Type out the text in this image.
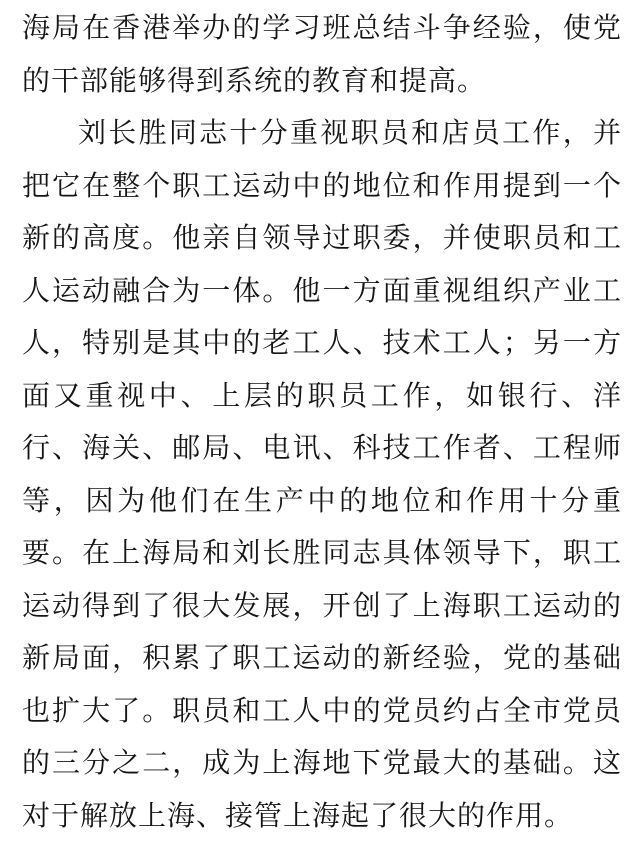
海局在香港举办的学习班总结斗争经验，使党
的干部能够得到系统的教育和提高。
刘长胜同志十分重视职员和店员工作，并
把它在整个职工运动中的地位和作用提到一个
新的高度。他亲自领导过职委，并使职员和工
人运动融合为一体。他一方面重视组织产业工
人，特别是其中的老工人、技术工人；另一方
面又重视中、上层的职员工作，如银行、洋
行、海关、邮局、电讯、科技工作者、工程师
等，因为他们在生产中的地位和作用十分重
要。在上海局和刘长胜同志具体领导下，职工
运动得到了很大发展，开创了上海职工运动的
新局面，积累了职工运动的新经验，党的基础
也扩大了。职员和工人中的党员约占全市党员
的三分之二，成为上海地下党最大的基础。这
对于解放上海、接管上海起了很大的作用。
